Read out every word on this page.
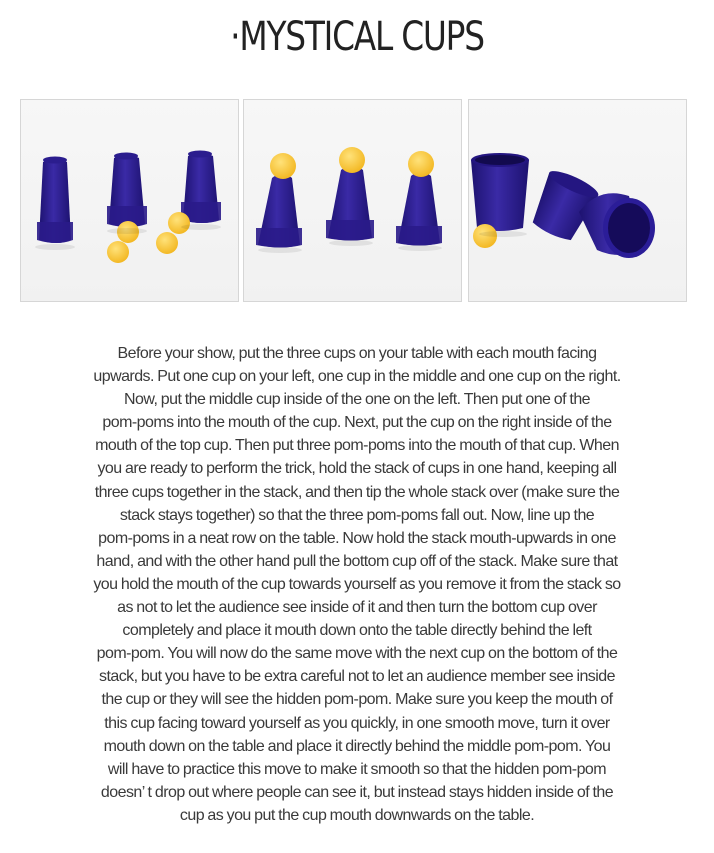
·MYSTICAL CUPS
Before your show, put the three cups on your table with each mouth facing
upwards. Put one cup on your left, one cup in the middle and one cup on the right.
Now, put the middle cup inside of the one on the left. Then put one of the
pom-poms into the mouth of the cup. Next, put the cup on the right inside of the
mouth of the top cup. Then put three pom-poms into the mouth of that cup. When
you are ready to perform the trick, hold the stack of cups in one hand, keeping all
three cups together in the stack, and then tip the whole stack over (make sure the
stack stays together) so that the three pom-poms fall out. Now, line up the
pom-poms in a neat row on the table. Now hold the stack mouth-upwards in one
hand, and with the other hand pull the bottom cup off of the stack. Make sure that
you hold the mouth of the cup towards yourself as you remove it from the stack so
as not to let the audience see inside of it and then turn the bottom cup over
completely and place it mouth down onto the table directly behind the left
pom-pom. You will now do the same move with the next cup on the bottom of the
stack, but you have to be extra careful not to let an audience member see inside
the cup or they will see the hidden pom-pom. Make sure you keep the mouth of
this cup facing toward yourself as you quickly, in one smooth move, turn it over
mouth down on the table and place it directly behind the middle pom-pom. You
will have to practice this move to make it smooth so that the hidden pom-pom
doesn’ t drop out where people can see it, but instead stays hidden inside of the
cup as you put the cup mouth downwards on the table.
